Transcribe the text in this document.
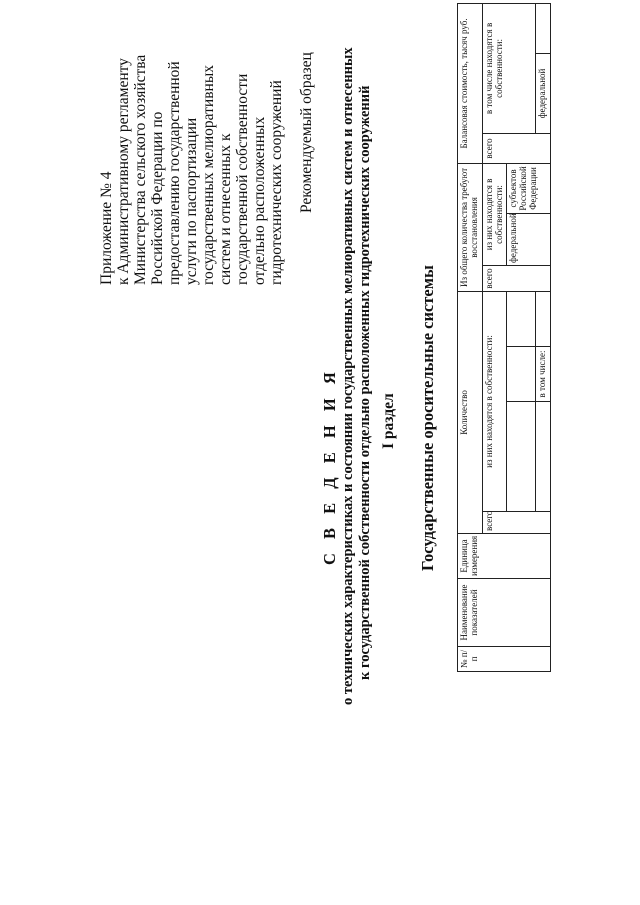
Приложение № 4 к Административному регламенту Министерства сельского хозяйства Российской Федерации по предоставлению государственной услуги по паспортизации государственных мелиоративных систем и отнесенных к государственной собственности отдельно расположенных гидротехнических сооружений Рекомендуемый образец
С В Е Д Е Н И Я о технических характеристиках и состоянии государственных мелиоративных систем и отнесенных к государственной собственности отдельно расположенных гидротехнических сооружений I раздел Государственные оросительные системы
№ п/п	Наименование показателей	Единица измерения	Количество				Из общего количества требуют восстановления			Балансовая стоимость, тысяч руб.		
			всего	из них находятся в собственности:			всего	из них находятся в собственности:		всего	в том числе находятся в собственности:	
								федеральной	субъектов Российской Федерации			
					в том числе:						федеральной	
